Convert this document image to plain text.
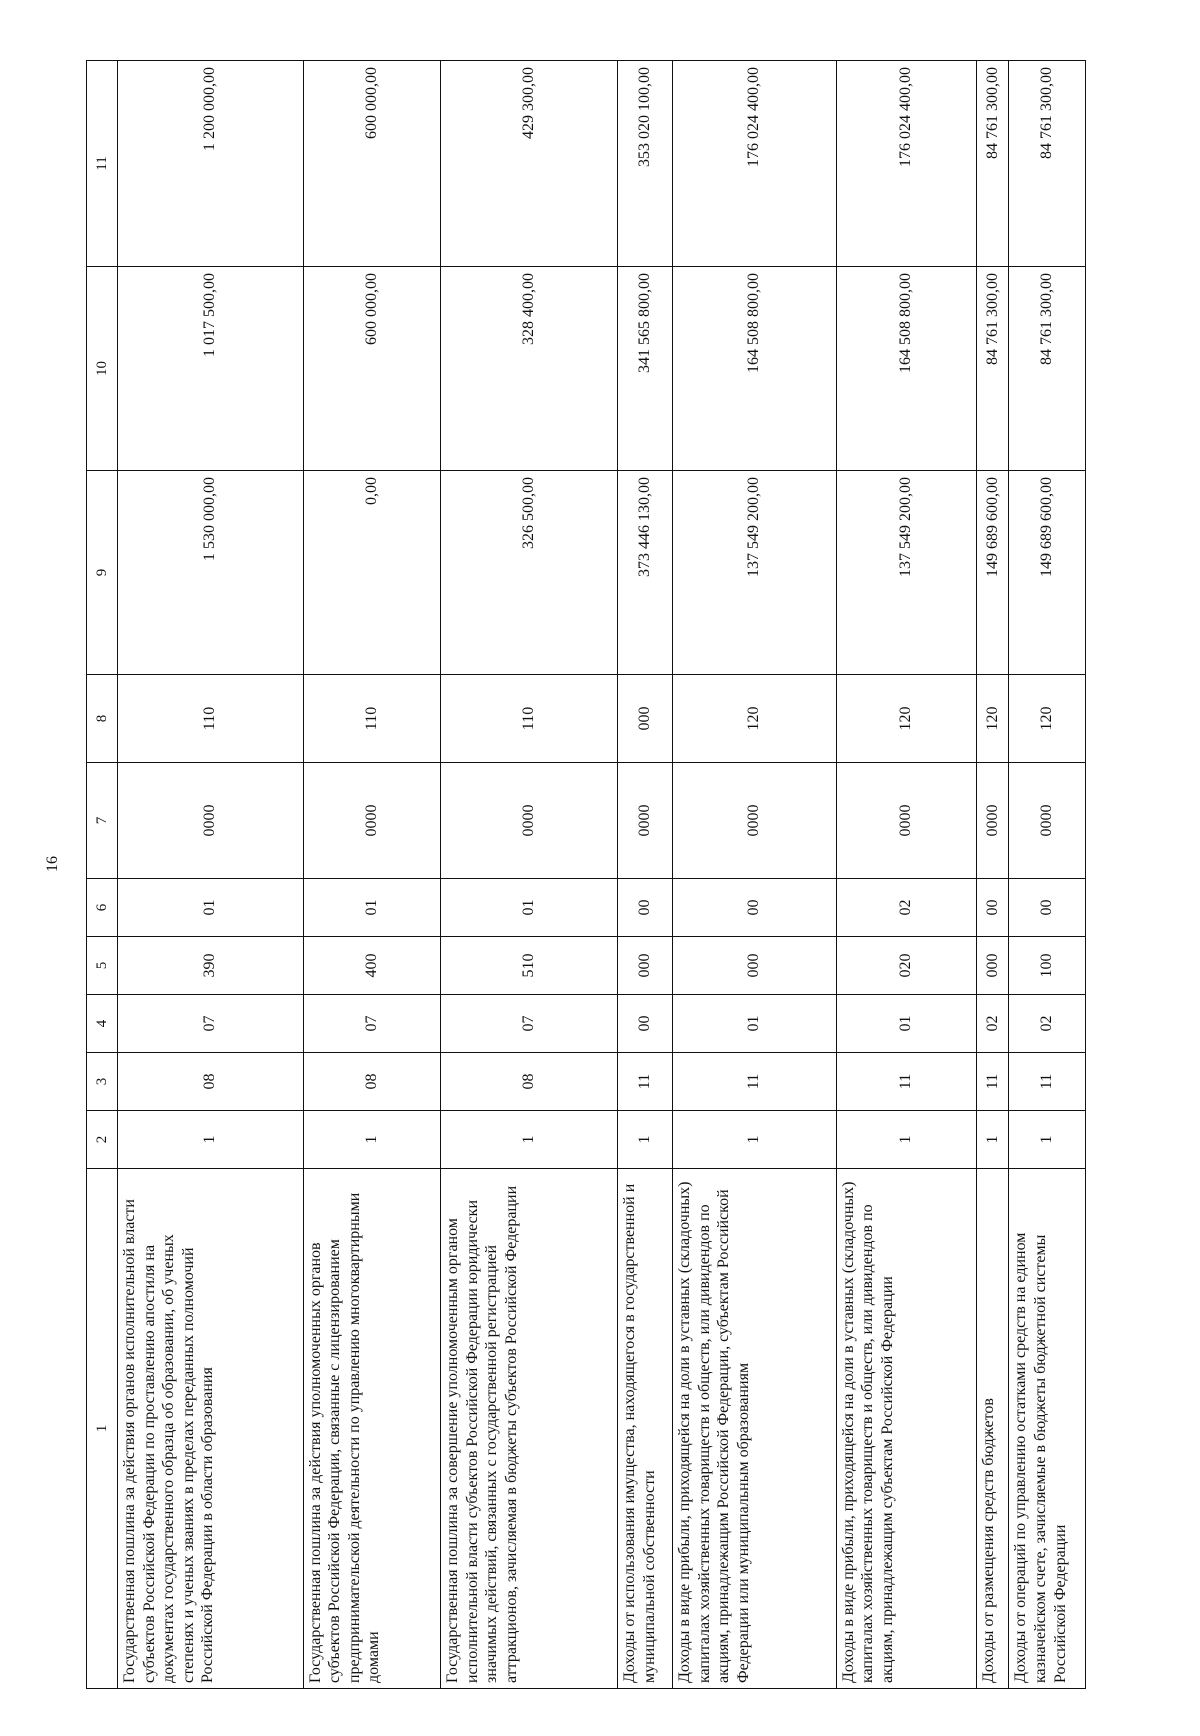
16
1	2	3	4	5	6	7	8	9	10	11
Государственная пошлина за действия органов исполнительной власти субъектов Российской Федерации по проставлению апостиля на документах государственного образца об образовании, об ученых степенях и ученых званиях в пределах переданных полномочий Российской Федерации в области образования	1	08	07	390	01	0000	110	1 530 000,00	1 017 500,00	1 200 000,00
Государственная пошлина за действия уполномоченных органов субъектов Российской Федерации, связанные с лицензированием предпринимательской деятельности по управлению многоквартирными домами	1	08	07	400	01	0000	110	0,00	600 000,00	600 000,00
Государственная пошлина за совершение уполномоченным органом исполнительной власти субъектов Российской Федерации юридически значимых действий, связанных с государственной регистрацией аттракционов, зачисляемая в бюджеты субъектов Российской Федерации	1	08	07	510	01	0000	110	326 500,00	328 400,00	429 300,00
Доходы от использования имущества, находящегося в государственной и муниципальной собственности	1	11	00	000	00	0000	000	373 446 130,00	341 565 800,00	353 020 100,00
Доходы в виде прибыли, приходящейся на доли в уставных (складочных) капиталах хозяйственных товариществ и обществ, или дивидендов по акциям, принадлежащим Российской Федерации, субъектам Российской Федерации или муниципальным образованиям	1	11	01	000	00	0000	120	137 549 200,00	164 508 800,00	176 024 400,00
Доходы в виде прибыли, приходящейся на доли в уставных (складочных) капиталах хозяйственных товариществ и обществ, или дивидендов по акциям, принадлежащим субъектам Российской Федерации	1	11	01	020	02	0000	120	137 549 200,00	164 508 800,00	176 024 400,00
Доходы от размещения средств бюджетов	1	11	02	000	00	0000	120	149 689 600,00	84 761 300,00	84 761 300,00
Доходы от операций по управлению остатками средств на едином казначейском счете, зачисляемые в бюджеты бюджетной системы Российской Федерации	1	11	02	100	00	0000	120	149 689 600,00	84 761 300,00	84 761 300,00
